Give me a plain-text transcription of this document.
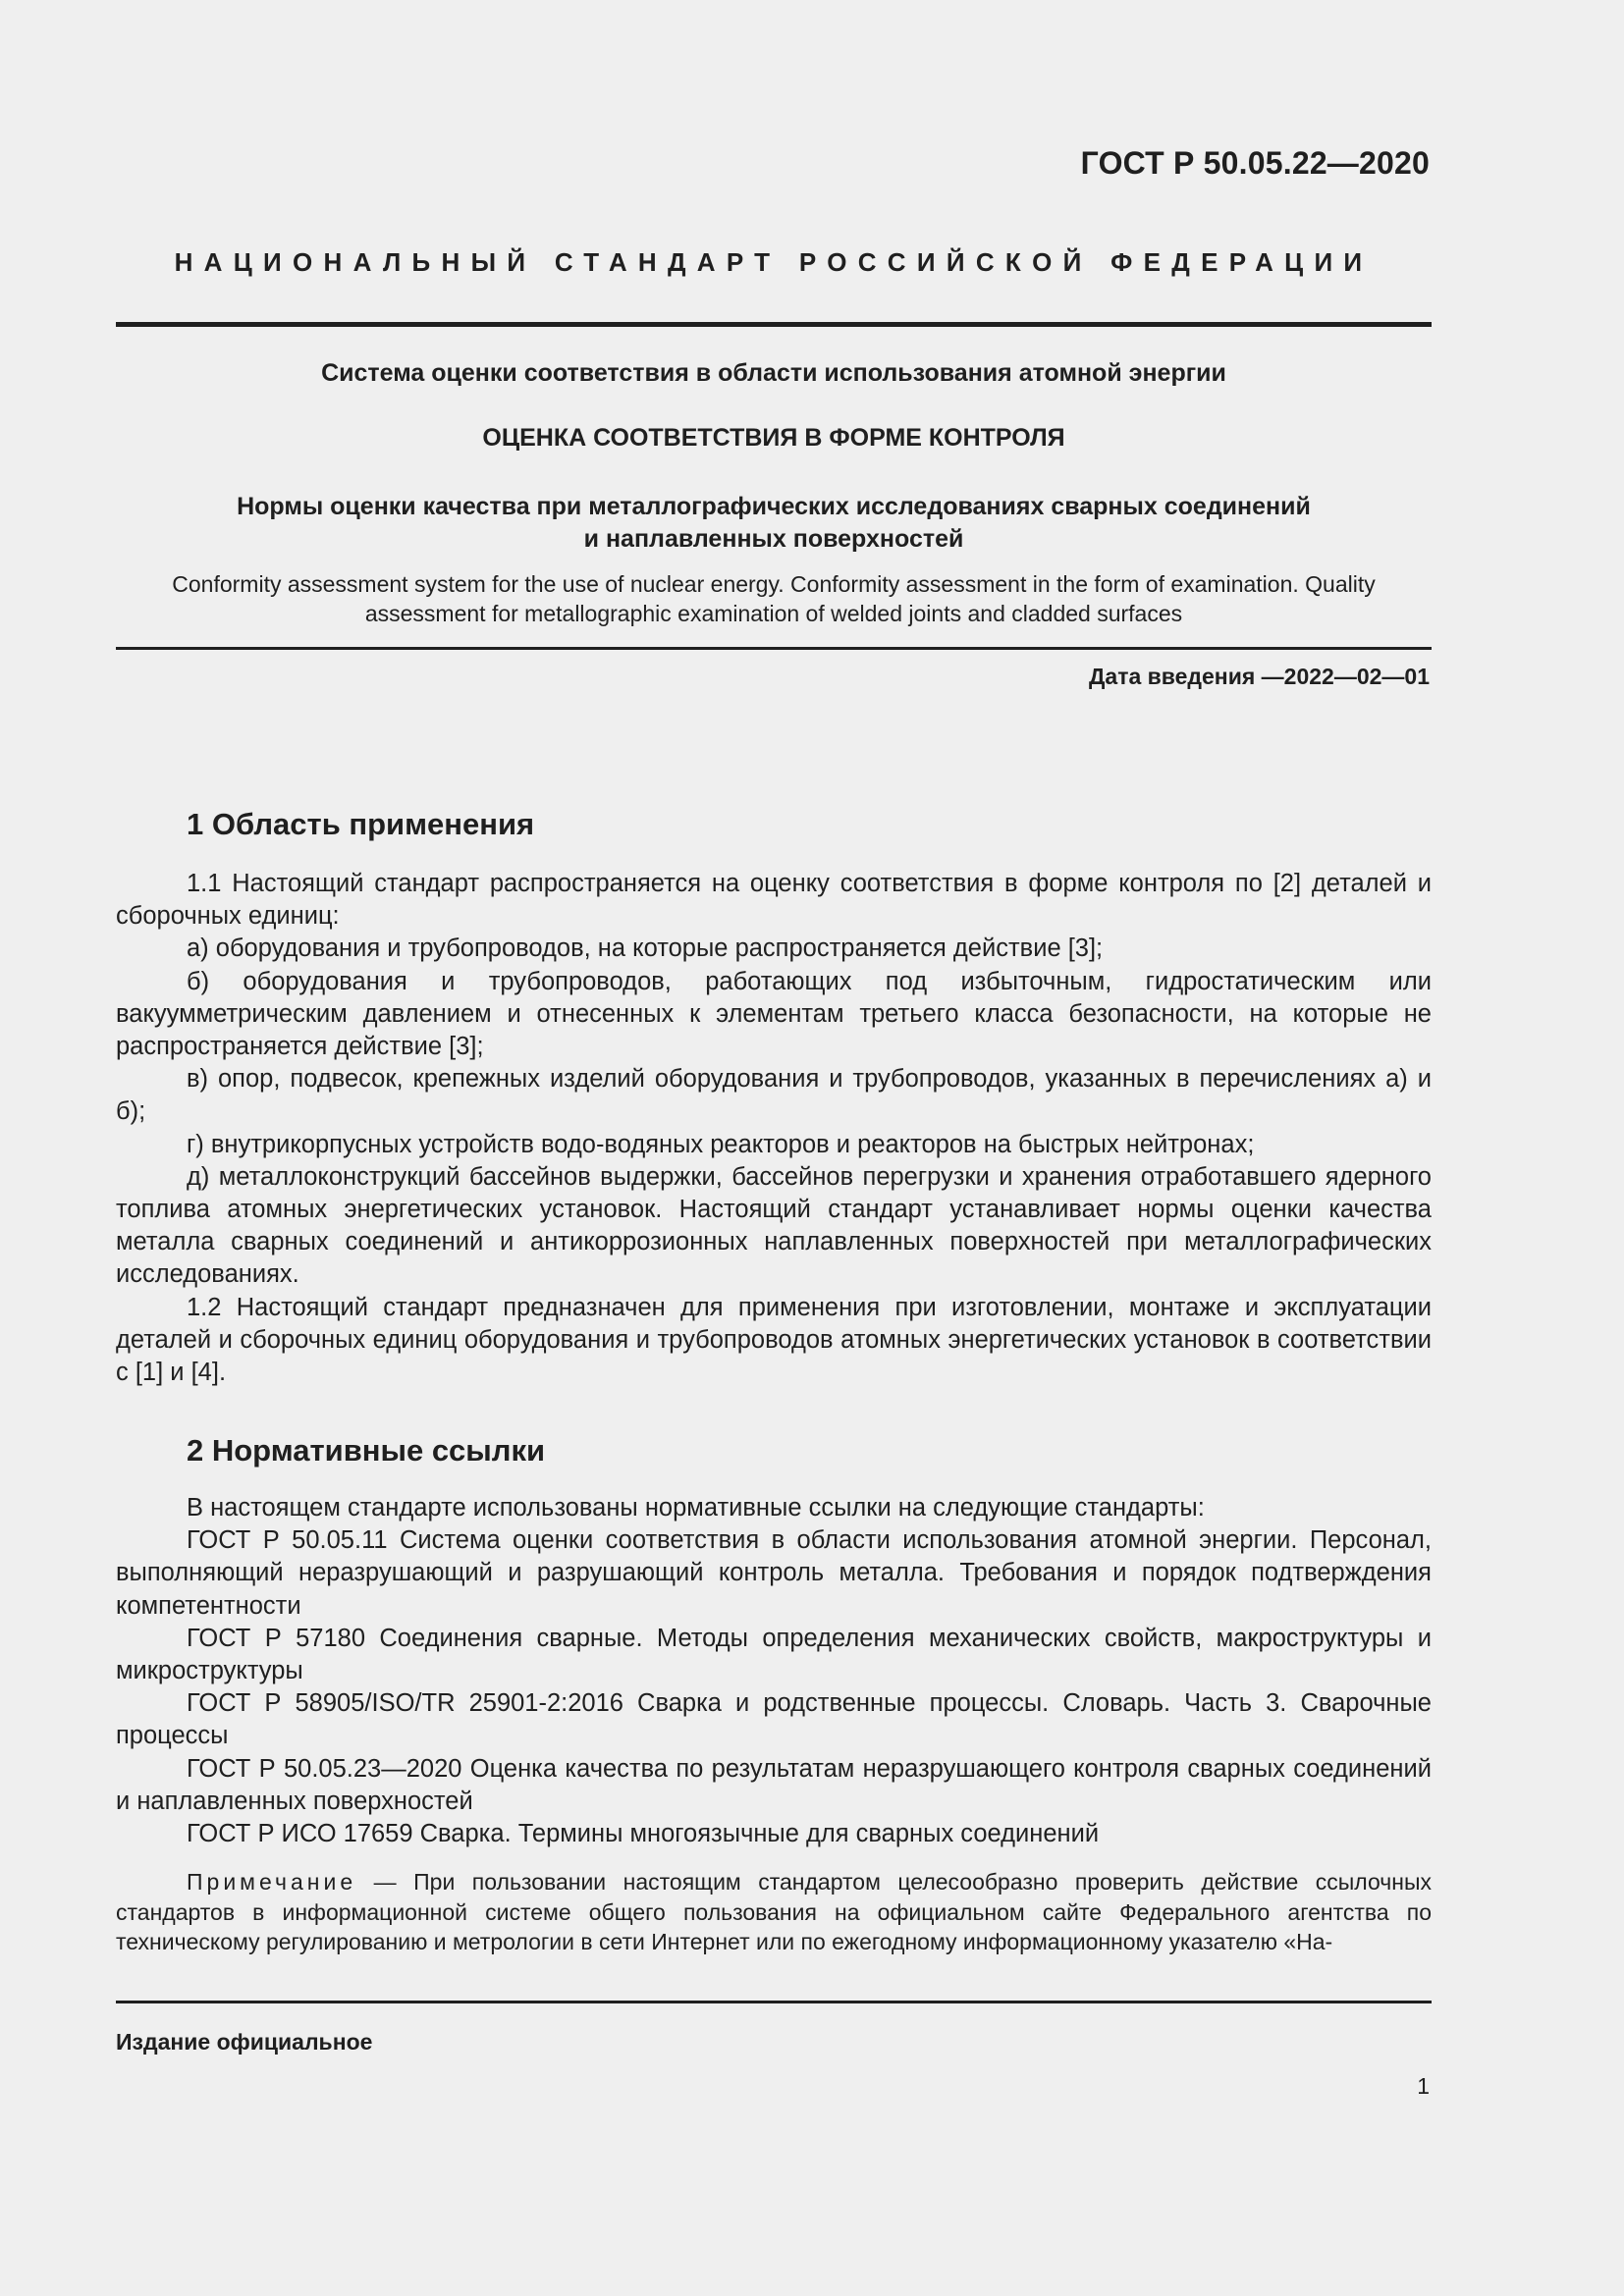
ГОСТ Р 50.05.22—2020
НАЦИОНАЛЬНЫЙ СТАНДАРТ РОССИЙСКОЙ ФЕДЕРАЦИИ
Система оценки соответствия в области использования атомной энергии
ОЦЕНКА СООТВЕТСТВИЯ В ФОРМЕ КОНТРОЛЯ
Нормы оценки качества при металлографических исследованиях сварных соединений
и наплавленных поверхностей
Conformity assessment system for the use of nuclear energy. Conformity assessment in the form of examination. Quality
assessment for metallographic examination of welded joints and cladded surfaces
Дата введения —2022—02—01
1 Область применения

1.1 Настоящий стандарт распространяется на оценку соответствия в форме контроля по [2] деталей и сборочных единиц:

а) оборудования и трубопроводов, на которые распространяется действие [3];

б) оборудования и трубопроводов, работающих под избыточным, гидростатическим или вакуумметрическим давлением и отнесенных к элементам третьего класса безопасности, на которые не распространяется действие [3];

в) опор, подвесок, крепежных изделий оборудования и трубопроводов, указанных в перечислениях а) и б);

г) внутрикорпусных устройств водо-водяных реакторов и реакторов на быстрых нейтронах;

д) металлоконструкций бассейнов выдержки, бассейнов перегрузки и хранения отработавшего ядерного топлива атомных энергетических установок. Настоящий стандарт устанавливает нормы оценки качества металла сварных соединений и антикоррозионных наплавленных поверхностей при металлографических исследованиях.

1.2 Настоящий стандарт предназначен для применения при изготовлении, монтаже и эксплуатации деталей и сборочных единиц оборудования и трубопроводов атомных энергетических установок в соответствии с [1] и [4].

2 Нормативные ссылки

В настоящем стандарте использованы нормативные ссылки на следующие стандарты:

ГОСТ Р 50.05.11 Система оценки соответствия в области использования атомной энергии. Персонал, выполняющий неразрушающий и разрушающий контроль металла. Требования и порядок подтверждения компетентности

ГОСТ Р 57180 Соединения сварные. Методы определения механических свойств, макроструктуры и микроструктуры

ГОСТ Р 58905/ISO/TR 25901-2:2016 Сварка и родственные процессы. Словарь. Часть 3. Сварочные процессы

ГОСТ Р 50.05.23—2020 Оценка качества по результатам неразрушающего контроля сварных соединений и наплавленных поверхностей

ГОСТ Р ИСО 17659 Сварка. Термины многоязычные для сварных соединений

Примечание — При пользовании настоящим стандартом целесообразно проверить действие ссылочных стандартов в информационной системе общего пользования на официальном сайте Федерального агентства по техническому регулированию и метрологии в сети Интернет или по ежегодному информационному указателю «На-
Издание официальное
1
